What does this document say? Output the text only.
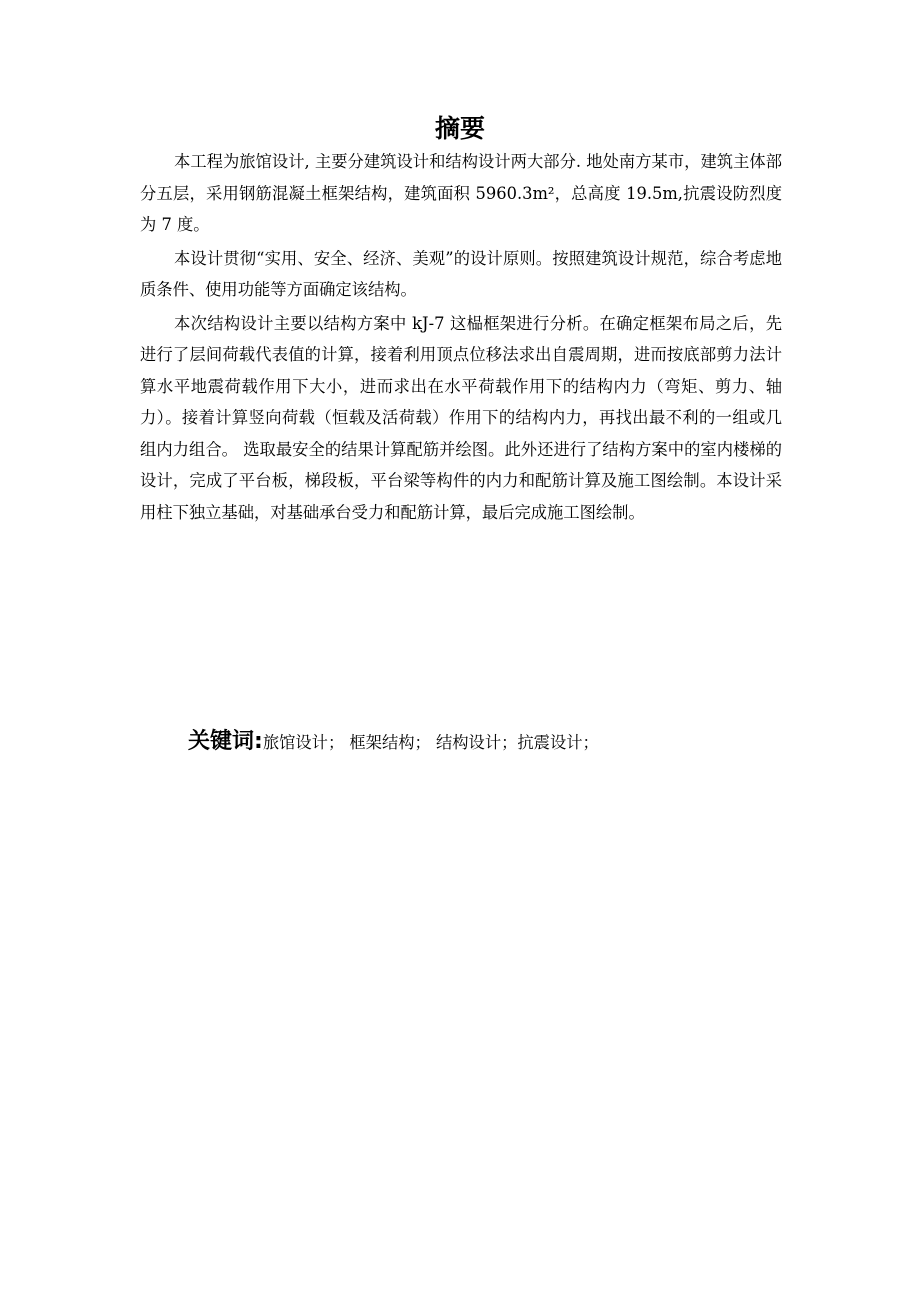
摘要

本工程为旅馆设计, 主要分建筑设计和结构设计两大部分. 地处南方某市，建筑主体部分五层，采用钢筋混凝土框架结构，建筑面积 5960.3m²，总高度 19.5m,抗震设防烈度为 7 度。

本设计贯彻“实用、安全、经济、美观”的设计原则。按照建筑设计规范，综合考虑地质条件、使用功能等方面确定该结构。

本次结构设计主要以结构方案中 kJ-7 这榀框架进行分析。在确定框架布局之后，先进行了层间荷载代表值的计算，接着利用顶点位移法求出自震周期，进而按底部剪力法计算水平地震荷载作用下大小，进而求出在水平荷载作用下的结构内力（弯矩、剪力、轴力）。接着计算竖向荷载（恒载及活荷载）作用下的结构内力，再找出最不利的一组或几组内力组合。 选取最安全的结果计算配筋并绘图。此外还进行了结构方案中的室内楼梯的设计，完成了平台板，梯段板，平台梁等构件的内力和配筋计算及施工图绘制。本设计采用柱下独立基础，对基础承台受力和配筋计算，最后完成施工图绘制。

关键词:旅馆设计； 框架结构； 结构设计；抗震设计；
